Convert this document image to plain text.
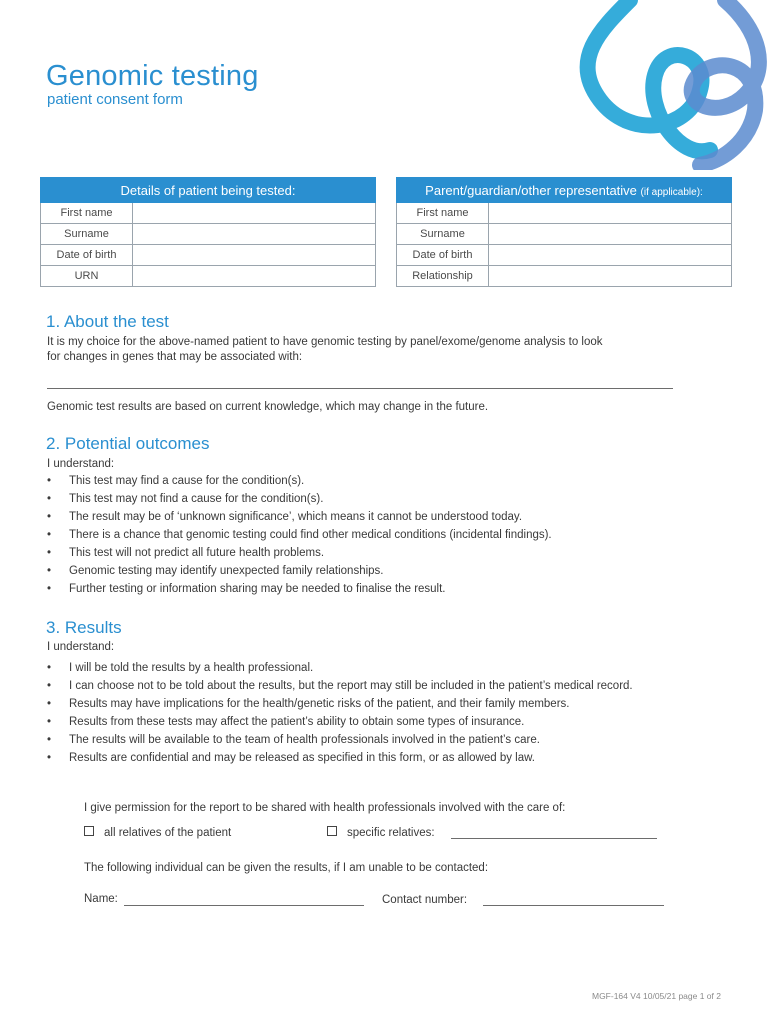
Genomic testing
patient consent form
Details of patient being tested:	
First name	
Surname	
Date of birth	
URN	
Parent/guardian/other representative (if applicable):	
First name	
Surname	
Date of birth	
Relationship	
1. About the test

It is my choice for the above-named patient to have genomic testing by panel/exome/genome analysis to look

for changes in genes that may be associated with:

Genomic test results are based on current knowledge, which may change in the future.

2. Potential outcomes

I understand:

• This test may find a cause for the condition(s).
• This test may not find a cause for the condition(s).
• The result may be of ‘unknown significance’, which means it cannot be understood today.
• There is a chance that genomic testing could find other medical conditions (incidental findings).
• This test will not predict all future health problems.
• Genomic testing may identify unexpected family relationships.
• Further testing or information sharing may be needed to finalise the result.
3. Results

I understand:

• I will be told the results by a health professional.
• I can choose not to be told about the results, but the report may still be included in the patient’s medical record.
• Results may have implications for the health/genetic risks of the patient, and their family members.
• Results from these tests may affect the patient’s ability to obtain some types of insurance.
• The results will be available to the team of health professionals involved in the patient’s care.
• Results are confidential and may be released as specified in this form, or as allowed by law.

I give permission for the report to be shared with health professionals involved with the care of:

all relatives of the patient	specific relatives:

The following individual can be given the results, if I am unable to be contacted:

Name:	Contact number:

MGF-164 V4 10/05/21 page 1 of 2
